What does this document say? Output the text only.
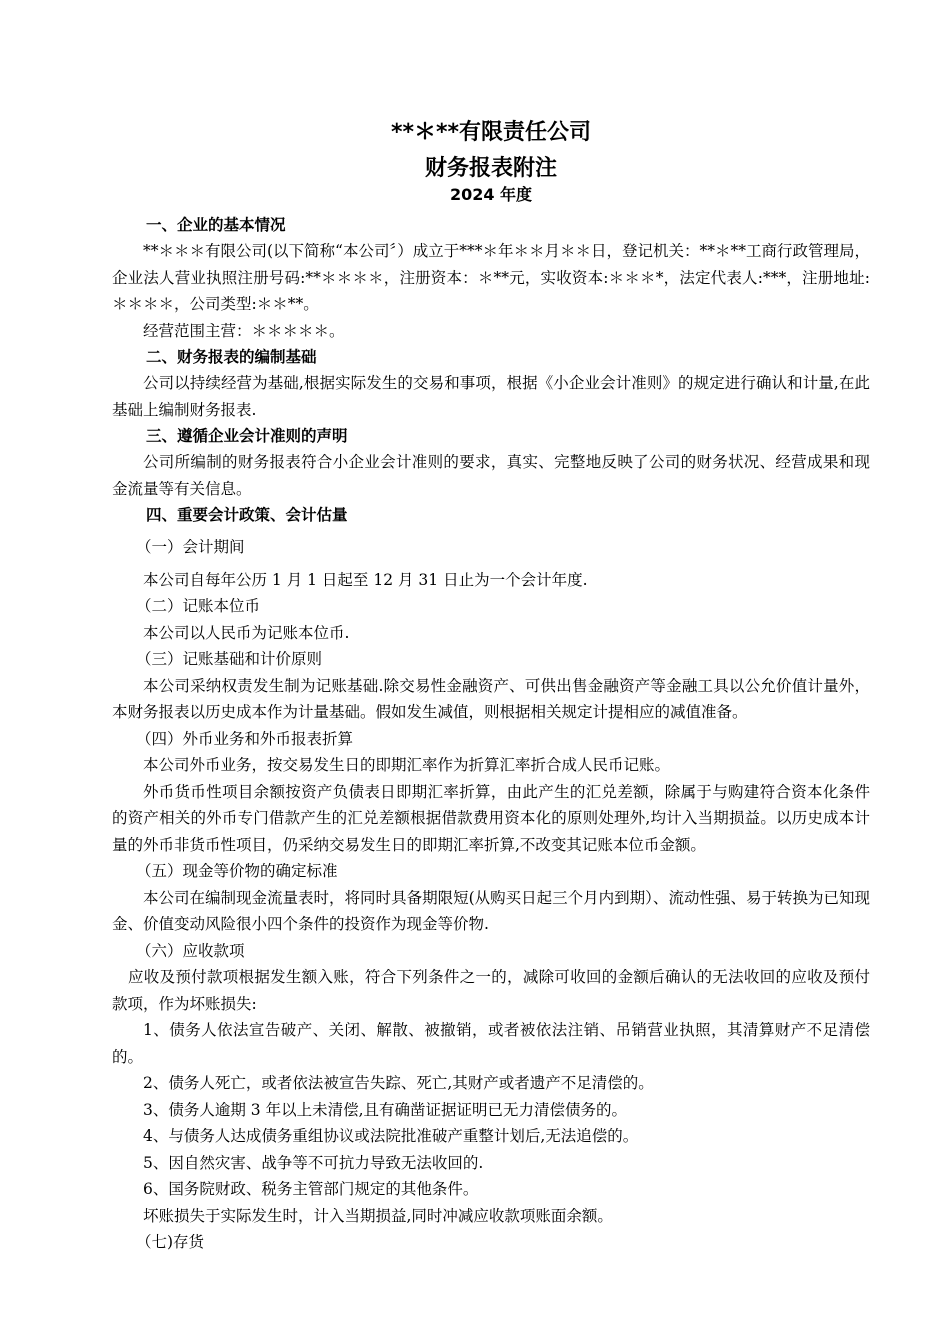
**＊**有限责任公司
财务报表附注
2024 年度
一、企业的基本情况
**＊＊＊有限公司(以下简称“本公司〞）成立于***＊年＊＊月＊＊日，登记机关：**＊**工商行政管理局，企业法人营业执照注册号码:**＊＊＊＊，注册资本：＊**元，实收资本:＊＊＊*，法定代表人:***，注册地址:＊＊＊＊，公司类型:＊＊**。
经营范围主营：＊＊＊＊＊。
二、财务报表的编制基础
公司以持续经营为基础,根据实际发生的交易和事项，根据《小企业会计准则》的规定进行确认和计量,在此基础上编制财务报表.
三、遵循企业会计准则的声明
公司所编制的财务报表符合小企业会计准则的要求，真实、完整地反映了公司的财务状况、经营成果和现金流量等有关信息。
四、重要会计政策、会计估量
（一）会计期间
本公司自每年公历 1 月 1 日起至 12 月 31 日止为一个会计年度.
（二）记账本位币
本公司以人民币为记账本位币.
（三）记账基础和计价原则
本公司采纳权责发生制为记账基础.除交易性金融资产、可供出售金融资产等金融工具以公允价值计量外，本财务报表以历史成本作为计量基础。假如发生减值，则根据相关规定计提相应的减值准备。
（四）外币业务和外币报表折算
本公司外币业务，按交易发生日的即期汇率作为折算汇率折合成人民币记账。
外币货币性项目余额按资产负债表日即期汇率折算，由此产生的汇兑差额，除属于与购建符合资本化条件的资产相关的外币专门借款产生的汇兑差额根据借款费用资本化的原则处理外,均计入当期损益。以历史成本计量的外币非货币性项目，仍采纳交易发生日的即期汇率折算,不改变其记账本位币金额。
（五）现金等价物的确定标准
本公司在编制现金流量表时，将同时具备期限短(从购买日起三个月内到期）、流动性强、易于转换为已知现金、价值变动风险很小四个条件的投资作为现金等价物.
（六）应收款项
应收及预付款项根据发生额入账，符合下列条件之一的，减除可收回的金额后确认的无法收回的应收及预付款项，作为坏账损失:
1、债务人依法宣告破产、关闭、解散、被撤销，或者被依法注销、吊销营业执照，其清算财产不足清偿的。
2、债务人死亡，或者依法被宣告失踪、死亡,其财产或者遗产不足清偿的。
3、债务人逾期 3 年以上未清偿,且有确凿证据证明已无力清偿债务的。
4、与债务人达成债务重组协议或法院批准破产重整计划后,无法追偿的。
5、因自然灾害、战争等不可抗力导致无法收回的.
6、国务院财政、税务主管部门规定的其他条件。
坏账损失于实际发生时，计入当期损益,同时冲减应收款项账面余额。
（七)存货
